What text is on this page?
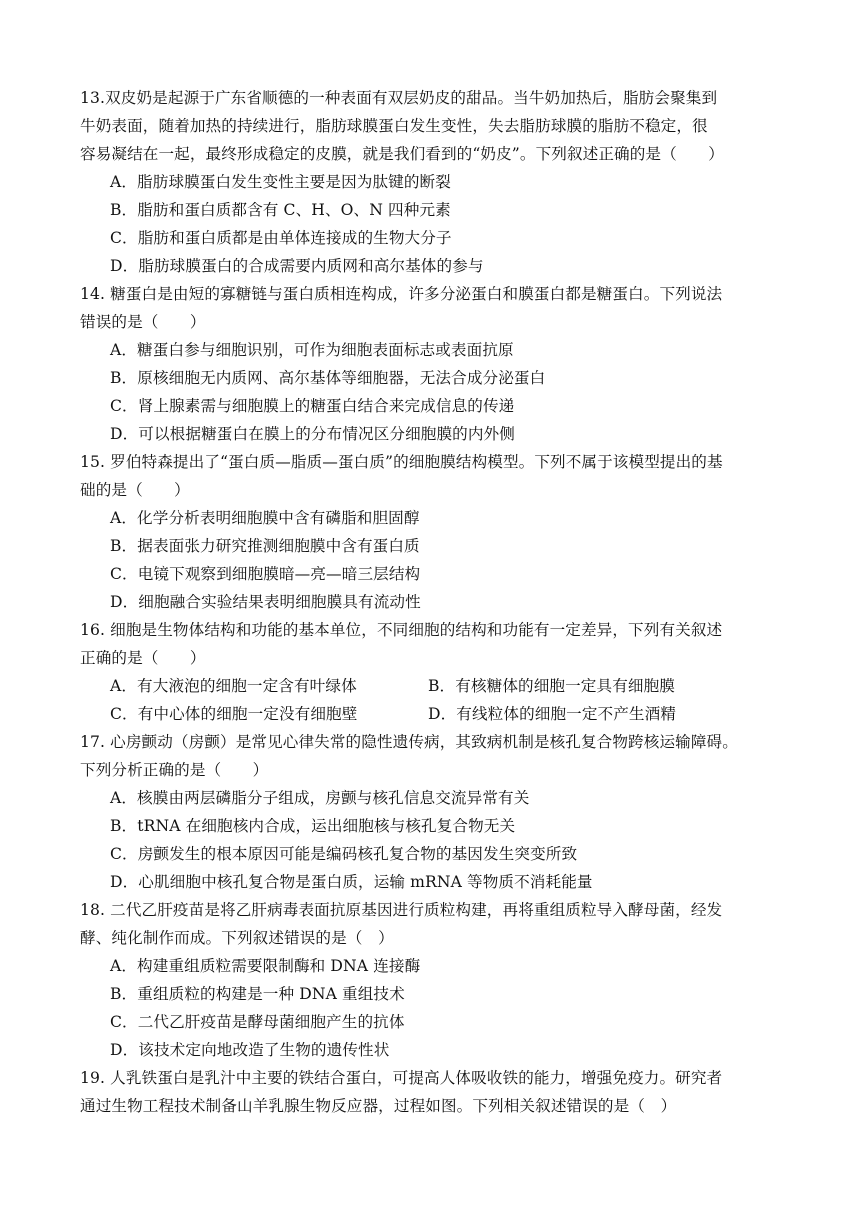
13.双皮奶是起源于广东省顺德的一种表面有双层奶皮的甜品。当牛奶加热后，脂肪会聚集到
牛奶表面，随着加热的持续进行，脂肪球膜蛋白发生变性，失去脂肪球膜的脂肪不稳定，很
容易凝结在一起，最终形成稳定的皮膜，就是我们看到的“奶皮”。下列叙述正确的是（　　）
A．脂肪球膜蛋白发生变性主要是因为肽键的断裂
B．脂肪和蛋白质都含有 C、H、O、N 四种元素
C．脂肪和蛋白质都是由单体连接成的生物大分子
D．脂肪球膜蛋白的合成需要内质网和高尔基体的参与
14. 糖蛋白是由短的寡糖链与蛋白质相连构成，许多分泌蛋白和膜蛋白都是糖蛋白。下列说法
错误的是（　　）
A．糖蛋白参与细胞识别，可作为细胞表面标志或表面抗原
B．原核细胞无内质网、高尔基体等细胞器，无法合成分泌蛋白
C．肾上腺素需与细胞膜上的糖蛋白结合来完成信息的传递
D．可以根据糖蛋白在膜上的分布情况区分细胞膜的内外侧
15. 罗伯特森提出了“蛋白质—脂质—蛋白质”的细胞膜结构模型。下列不属于该模型提出的基
础的是（　　）
A．化学分析表明细胞膜中含有磷脂和胆固醇
B．据表面张力研究推测细胞膜中含有蛋白质
C．电镜下观察到细胞膜暗—亮—暗三层结构
D．细胞融合实验结果表明细胞膜具有流动性
16. 细胞是生物体结构和功能的基本单位，不同细胞的结构和功能有一定差异，下列有关叙述
正确的是（　　）
A．有大液泡的细胞一定含有叶绿体	B．有核糖体的细胞一定具有细胞膜
C．有中心体的细胞一定没有细胞壁	D．有线粒体的细胞一定不产生酒精
17. 心房颤动（房颤）是常见心律失常的隐性遗传病，其致病机制是核孔复合物跨核运输障碍。
下列分析正确的是（　　）
A．核膜由两层磷脂分子组成，房颤与核孔信息交流异常有关
B．tRNA 在细胞核内合成，运出细胞核与核孔复合物无关
C．房颤发生的根本原因可能是编码核孔复合物的基因发生突变所致
D．心肌细胞中核孔复合物是蛋白质，运输 mRNA 等物质不消耗能量
18. 二代乙肝疫苗是将乙肝病毒表面抗原基因进行质粒构建，再将重组质粒导入酵母菌，经发
酵、纯化制作而成。下列叙述错误的是（　）
A．构建重组质粒需要限制酶和 DNA 连接酶
B．重组质粒的构建是一种 DNA 重组技术
C．二代乙肝疫苗是酵母菌细胞产生的抗体
D．该技术定向地改造了生物的遗传性状
19. 人乳铁蛋白是乳汁中主要的铁结合蛋白，可提高人体吸收铁的能力，增强免疫力。研究者
通过生物工程技术制备山羊乳腺生物反应器，过程如图。下列相关叙述错误的是（　）
